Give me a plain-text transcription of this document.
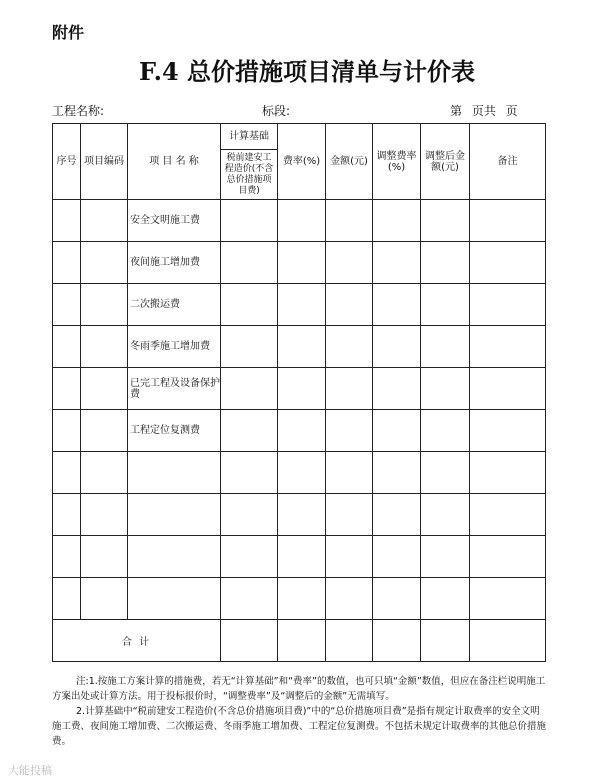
附件
F.4 总价措施项目清单与计价表
工程名称:	标段:	第 页共 页
序号	项目编码	项 目 名 称	计算基础	费率(%)	金额(元)	调整费率(%)	调整后金额(元)	备注
			税前建安工程造价(不含总价措施项目费)					
		安全文明施工费						
		夜间施工增加费						
		二次搬运费						
		冬雨季施工增加费						
		已完工程及设备保护费						
		工程定位复测费						

合 计								

注:1.按施工方案计算的措施费，若无“计算基础”和“费率”的数值，也可只填“金额”数值，但应在备注栏说明施工方案出处或计算方法。用于投标报价时，“调整费率”及“调整后的金额”无需填写。

2.计算基础中“税前建安工程造价(不含总价措施项目费)”中的“总价措施项目费”是指有规定计取费率的安全文明施工费、夜间施工增加费、二次搬运费、冬雨季施工增加费、工程定位复测费。不包括未规定计取费率的其他总价措施费。

大能投稿
